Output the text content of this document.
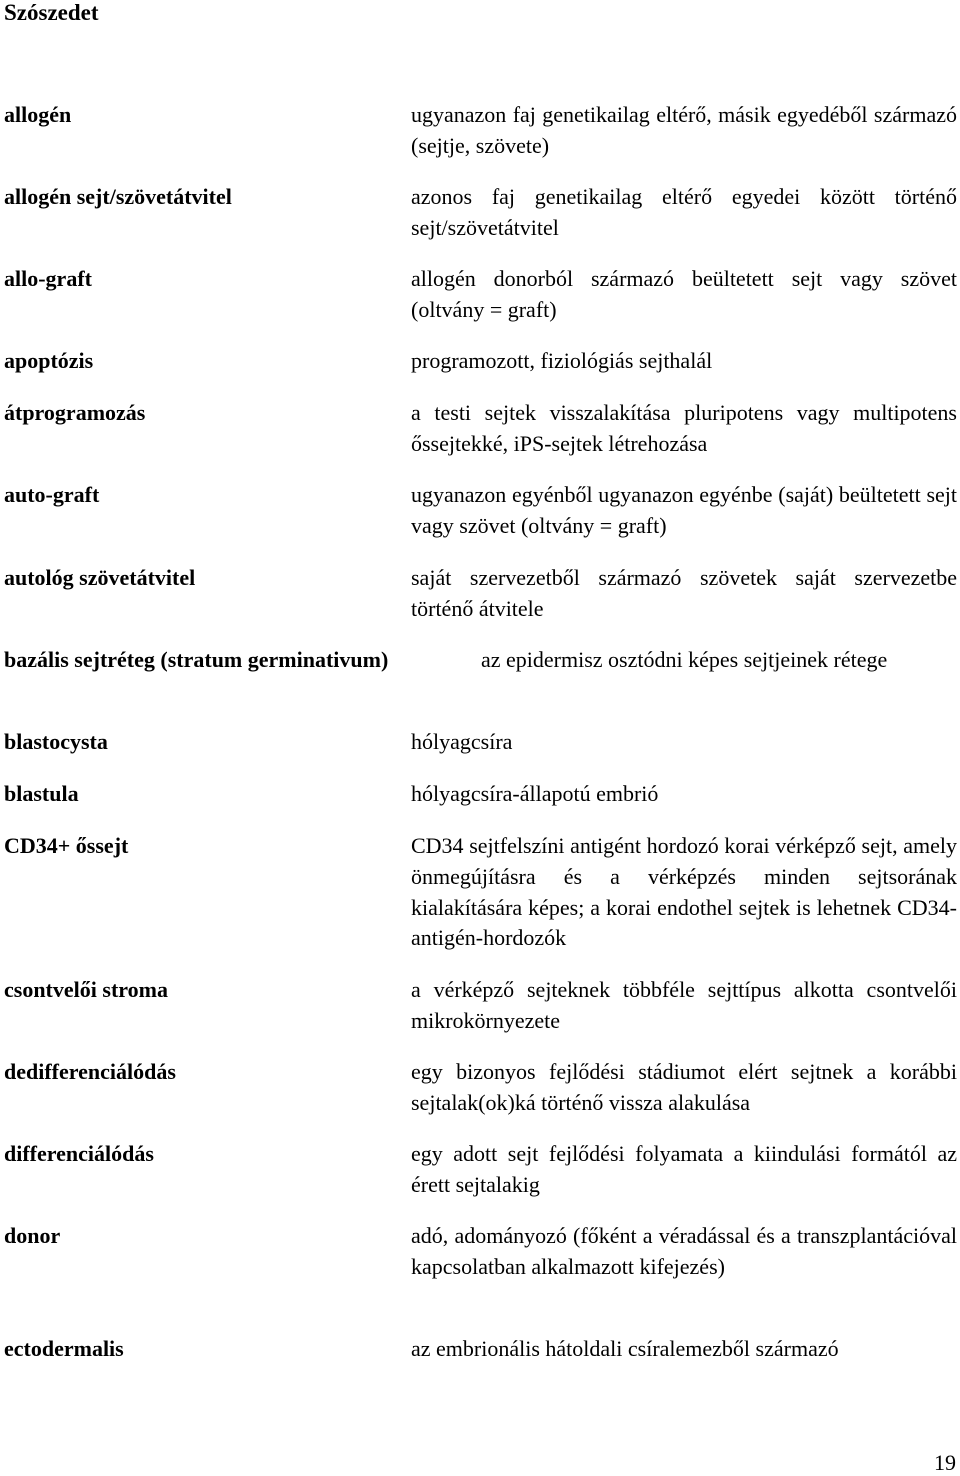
Szószedet
allogén	ugyanazon faj genetikailag eltérő, másik egyedéből származó (sejtje, szövete)
allogén sejt/szövetátvitel	azonos faj genetikailag eltérő egyedei között történő sejt/szövetátvitel
allo-graft	allogén donorból származó beültetett sejt vagy szövet (oltvány = graft)
apoptózis	programozott, fiziológiás sejthalál
átprogramozás	a testi sejtek visszalakítása pluripotens vagy multipotens őssejtekké, iPS-sejtek létrehozása
auto-graft	ugyanazon egyénből ugyanazon egyénbe (saját) beültetett sejt vagy szövet (oltvány = graft)
autológ szövetátvitel	saját szervezetből származó szövetek saját szervezetbe történő átvitele
bazális sejtréteg (stratum germinativum)	az epidermisz osztódni képes sejtjeinek rétege
blastocysta	hólyagcsíra
blastula	hólyagcsíra-állapotú embrió
CD34+ őssejt	CD34 sejtfelszíni antigént hordozó korai vérképző sejt, amely önmegújításra és a vérképzés minden sejtsorának kialakítására képes; a korai endothel sejtek is lehetnek CD34-antigén-hordozók
csontvelői stroma	a vérképző sejteknek többféle sejttípus alkotta csontvelői mikrokörnyezete
dedifferenciálódás	egy bizonyos fejlődési stádiumot elért sejtnek a korábbi sejtalak(ok)ká történő vissza alakulása
differenciálódás	egy adott sejt fejlődési folyamata a kiindulási formától az érett sejtalakig
donor	adó, adományozó (főként a véradással és a transzplantációval kapcsolatban alkalmazott kifejezés)
ectodermalis	az embrionális hátoldali csíralemezből származó
19
